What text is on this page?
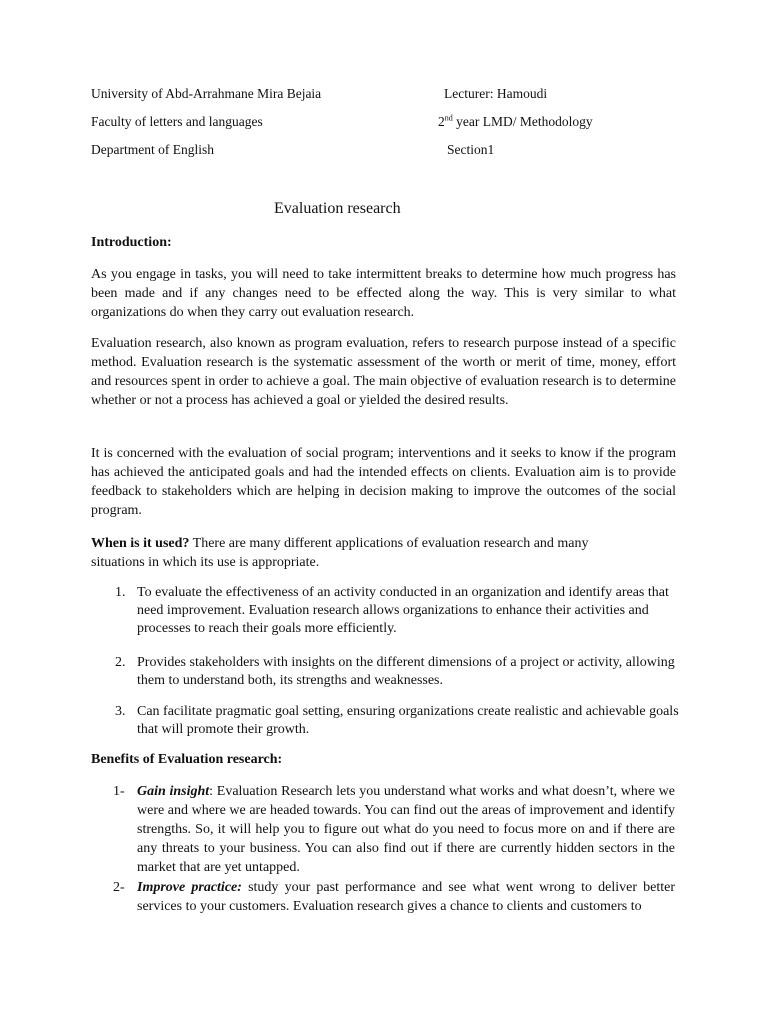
University of Abd-Arrahmane Mira Bejaia	Lecturer: Hamoudi
Faculty of letters and languages	2nd year LMD/ Methodology
Department of English	Section1
Evaluation research
Introduction:
As you engage in tasks, you will need to take intermittent breaks to determine how much progress has been made and if any changes need to be effected along the way. This is very similar to what organizations do when they carry out evaluation research.
Evaluation research, also known as program evaluation, refers to research purpose instead of a specific method. Evaluation research is the systematic assessment of the worth or merit of time, money, effort and resources spent in order to achieve a goal. The main objective of evaluation research is to determine whether or not a process has achieved a goal or yielded the desired results.
It is concerned with the evaluation of social program; interventions and it seeks to know if the program has achieved the anticipated goals and had the intended effects on clients. Evaluation aim is to provide feedback to stakeholders which are helping in decision making to improve the outcomes of the social program.
When is it used? There are many different applications of evaluation research and many situations in which its use is appropriate.
1. To evaluate the effectiveness of an activity conducted in an organization and identify areas that need improvement. Evaluation research allows organizations to enhance their activities and processes to reach their goals more efficiently.
2. Provides stakeholders with insights on the different dimensions of a project or activity, allowing them to understand both, its strengths and weaknesses.
3. Can facilitate pragmatic goal setting, ensuring organizations create realistic and achievable goals that will promote their growth.
Benefits of Evaluation research:
1- Gain insight: Evaluation Research lets you understand what works and what doesn’t, where we were and where we are headed towards. You can find out the areas of improvement and identify strengths. So, it will help you to figure out what do you need to focus more on and if there are any threats to your business. You can also find out if there are currently hidden sectors in the market that are yet untapped.
2- Improve practice: study your past performance and see what went wrong to deliver better services to your customers. Evaluation research gives a chance to clients and customers to
